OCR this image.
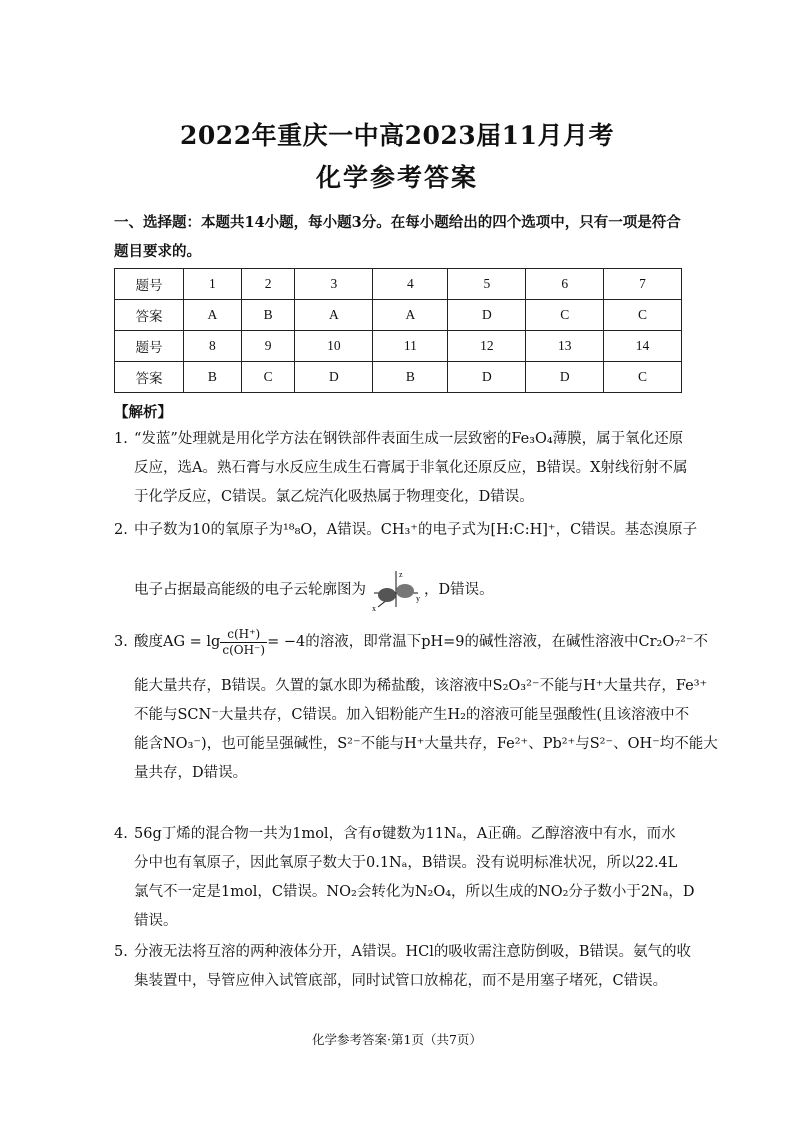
2022年重庆一中高2023届11月月考
化学参考答案
一、选择题：本题共14小题，每小题3分。在每小题给出的四个选项中，只有一项是符合题目要求的。
题号	1	2	3	4	5	6	7
答案	A	B	A	A	D	C	C
题号	8	9	10	11	12	13	14
答案	B	C	D	B	D	D	C
【解析】
1. “发蓝”处理就是用化学方法在钢铁部件表面生成一层致密的Fe₃O₄薄膜，属于氧化还原
反应，选A。熟石膏与水反应生成生石膏属于非氧化还原反应，B错误。X射线衍射不属
于化学反应，C错误。氯乙烷汽化吸热属于物理变化，D错误。
2. 中子数为10的氧原子为¹⁸₈O，A错误。CH₃⁺的电子式为[H:C:H]⁺，C错误。基态溴原子
电子占据最高能级的电子云轮廓图为
z
y
x
，D错误。
3. 酸度AG = $\lg \frac{c(H^+)}{c(OH^-)} = -4$的溶液，即常温下pH=9的碱性溶液，在碱性溶液中Cr₂O₇²⁻不
能大量共存，B错误。久置的氯水即为稀盐酸，该溶液中S₂O₃²⁻不能与H⁺大量共存，Fe³⁺
不能与SCN⁻大量共存，C错误。加入铝粉能产生H₂的溶液可能呈强酸性(且该溶液中不
能含NO₃⁻)，也可能呈强碱性，S²⁻不能与H⁺大量共存，Fe²⁺、Pb²⁺与S²⁻、OH⁻均不能大
量共存，D错误。
4. 56g丁烯的混合物一共为1mol，含有σ键数为11Nₐ，A正确。乙醇溶液中有水，而水
分中也有氧原子，因此氧原子数大于0.1Nₐ，B错误。没有说明标准状况，所以22.4L
氯气不一定是1mol，C错误。NO₂会转化为N₂O₄，所以生成的NO₂分子数小于2Nₐ，D
错误。
5. 分液无法将互溶的两种液体分开，A错误。HCl的吸收需注意防倒吸，B错误。氨气的收
集装置中，导管应伸入试管底部，同时试管口放棉花，而不是用塞子堵死，C错误。
化学参考答案·第1页（共7页）
